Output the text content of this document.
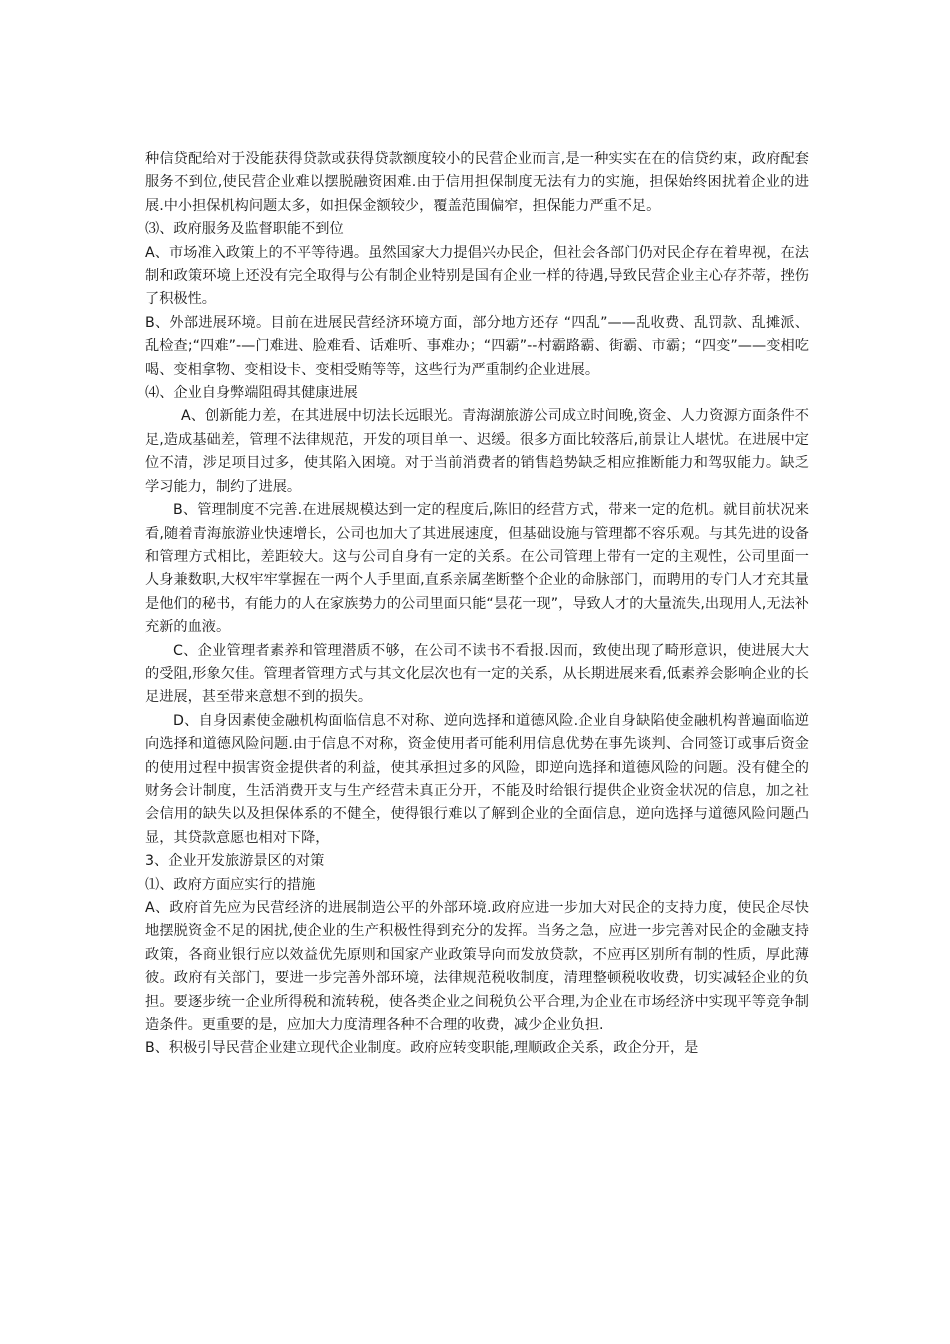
种信贷配给对于没能获得贷款或获得贷款额度较小的民营企业而言,是一种实实在在的信贷约束，政府配套服务不到位,使民营企业难以摆脱融资困难.由于信用担保制度无法有力的实施，担保始终困扰着企业的进展.中小担保机构问题太多，如担保金额较少，覆盖范围偏窄，担保能力严重不足。

⑶、政府服务及监督职能不到位

A、市场准入政策上的不平等待遇。虽然国家大力提倡兴办民企，但社会各部门仍对民企存在着卑视，在法制和政策环境上还没有完全取得与公有制企业特别是国有企业一样的待遇,导致民营企业主心存芥蒂，挫伤了积极性。

B、外部进展环境。目前在进展民营经济环境方面，部分地方还存 “四乱”——乱收费、乱罚款、乱摊派、乱检查;“四难”-—门难进、脸难看、话难听、事难办；“四霸”--村霸路霸、街霸、市霸；“四变”——变相吃喝、变相拿物、变相设卡、变相受贿等等，这些行为严重制约企业进展。

⑷、企业自身弊端阻碍其健康进展

A、创新能力差，在其进展中切法长远眼光。青海湖旅游公司成立时间晚,资金、人力资源方面条件不足,造成基础差，管理不法律规范，开发的项目单一、迟缓。很多方面比较落后,前景让人堪忧。在进展中定位不清，涉足项目过多，使其陷入困境。对于当前消费者的销售趋势缺乏相应推断能力和驾驭能力。缺乏学习能力，制约了进展。

B、管理制度不完善.在进展规模达到一定的程度后,陈旧的经营方式，带来一定的危机。就目前状况来看,随着青海旅游业快速增长，公司也加大了其进展速度，但基础设施与管理都不容乐观。与其先进的设备和管理方式相比，差距较大。这与公司自身有一定的关系。在公司管理上带有一定的主观性，公司里面一人身兼数职,大权牢牢掌握在一两个人手里面,直系亲属垄断整个企业的命脉部门，而聘用的专门人才充其量是他们的秘书，有能力的人在家族势力的公司里面只能“昙花一现”，导致人才的大量流失,出现用人,无法补充新的血液。

C、企业管理者素养和管理潜质不够，在公司不读书不看报.因而，致使出现了畸形意识，使进展大大的受阻,形象欠佳。管理者管理方式与其文化层次也有一定的关系，从长期进展来看,低素养会影响企业的长足进展，甚至带来意想不到的损失。

D、自身因素使金融机构面临信息不对称、逆向选择和道德风险.企业自身缺陷使金融机构普遍面临逆向选择和道德风险问题.由于信息不对称，资金使用者可能利用信息优势在事先谈判、合同签订或事后资金的使用过程中损害资金提供者的利益，使其承担过多的风险，即逆向选择和道德风险的问题。没有健全的财务会计制度，生活消费开支与生产经营未真正分开，不能及时给银行提供企业资金状况的信息，加之社会信用的缺失以及担保体系的不健全，使得银行难以了解到企业的全面信息，逆向选择与道德风险问题凸显，其贷款意愿也相对下降，

3、企业开发旅游景区的对策

⑴、政府方面应实行的措施

A、政府首先应为民营经济的进展制造公平的外部环境.政府应进一步加大对民企的支持力度，使民企尽快地摆脱资金不足的困扰,使企业的生产积极性得到充分的发挥。当务之急，应进一步完善对民企的金融支持政策，各商业银行应以效益优先原则和国家产业政策导向而发放贷款，不应再区别所有制的性质，厚此薄彼。政府有关部门，要进一步完善外部环境，法律规范税收制度，清理整顿税收收费，切实减轻企业的负担。要逐步统一企业所得税和流转税，使各类企业之间税负公平合理,为企业在市场经济中实现平等竞争制造条件。更重要的是，应加大力度清理各种不合理的收费，减少企业负担.

B、积极引导民营企业建立现代企业制度。政府应转变职能,理顺政企关系，政企分开，是
